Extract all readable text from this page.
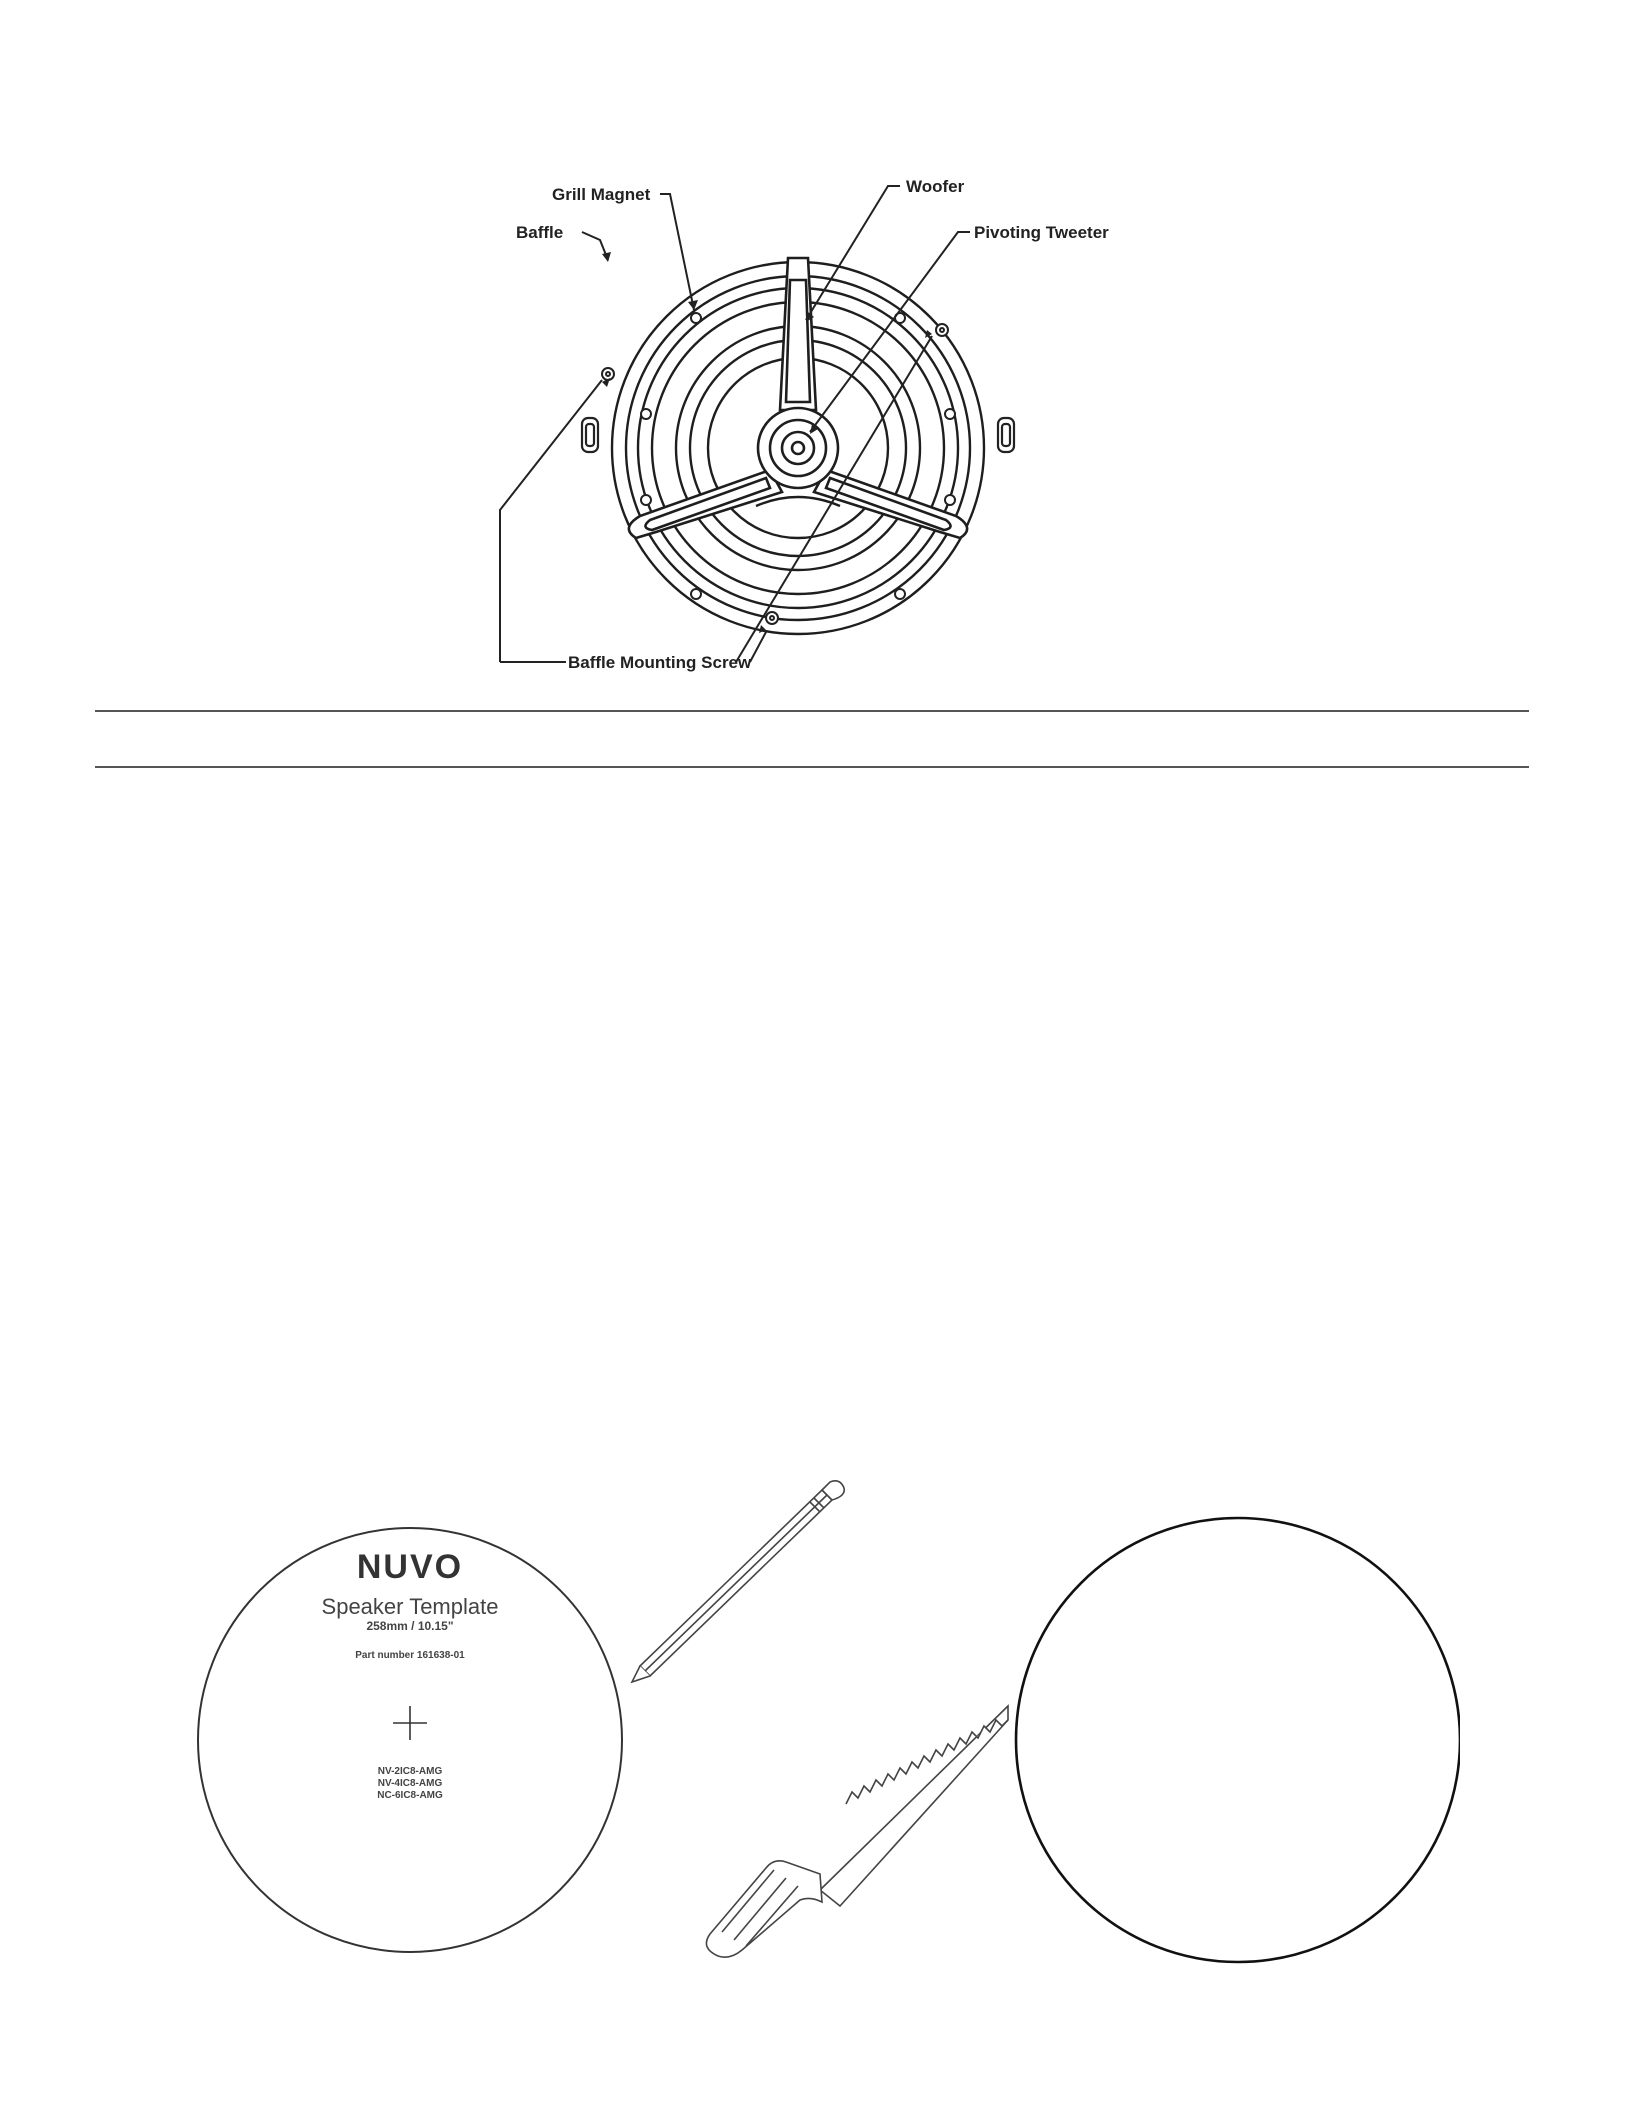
Grill Magnet
Baffle
Woofer
Pivoting Tweeter
Baffle Mounting Screw
NUVO
Speaker Template
258mm / 10.15"
Part number 161638-01
NV-2IC8-AMG
NV-4IC8-AMG
NC-6IC8-AMG
